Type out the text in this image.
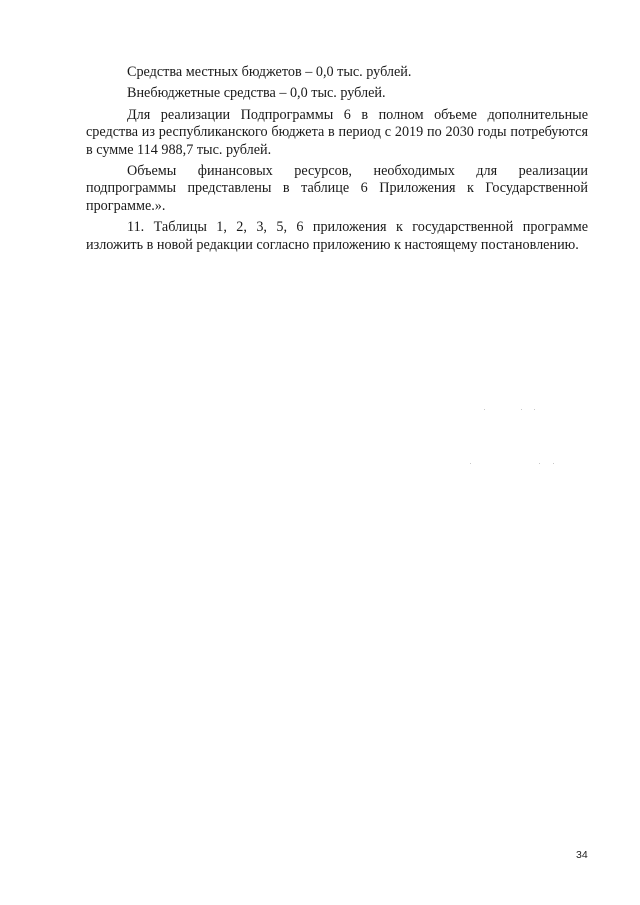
Средства местных бюджетов – 0,0 тыс. рублей.

Внебюджетные средства – 0,0 тыс. рублей.

Для реализации Подпрограммы 6 в полном объеме дополнительные средства из республиканского бюджета в период с 2019 по 2030 годы потребуются в сумме 114 988,7 тыс. рублей.

Объемы финансовых ресурсов, необходимых для реализации подпрограммы представлены в таблице 6 Приложения к Государственной программе.».

11. Таблицы 1, 2, 3, 5, 6 приложения к государственной программе изложить в новой редакции согласно приложению к настоящему постановлению.

34
